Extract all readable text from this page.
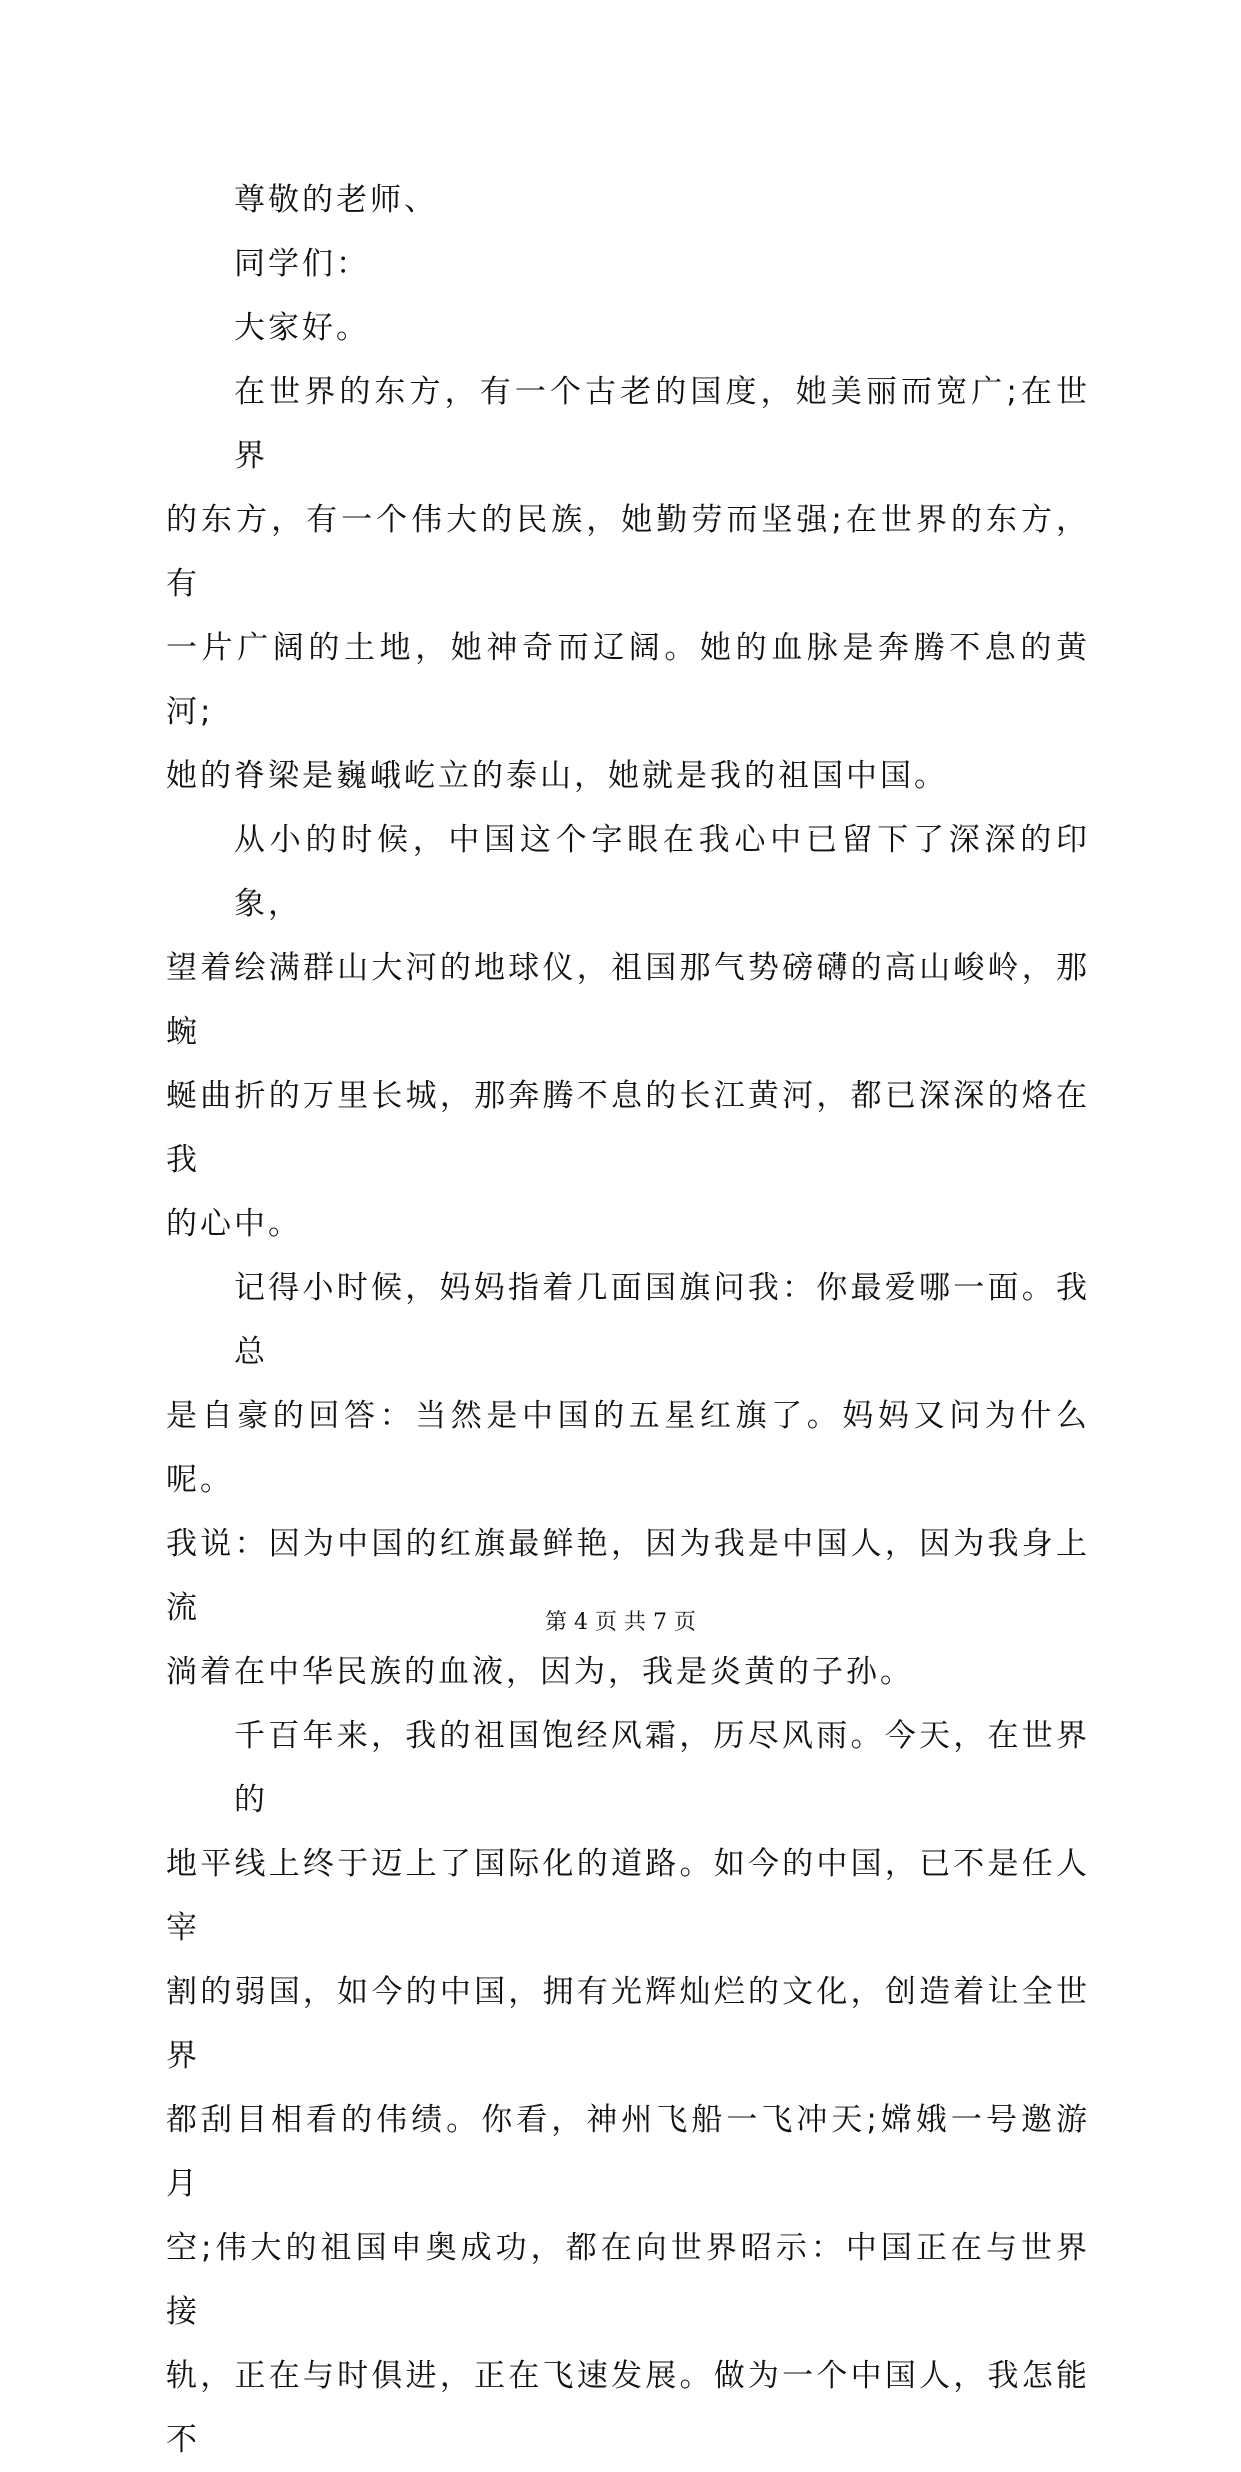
尊敬的老师、

同学们：

大家好。

在世界的东方，有一个古老的国度，她美丽而宽广;在世界
的东方，有一个伟大的民族，她勤劳而坚强;在世界的东方，有
一片广阔的土地，她神奇而辽阔。她的血脉是奔腾不息的黄河;
她的脊梁是巍峨屹立的泰山，她就是我的祖国中国。

从小的时候，中国这个字眼在我心中已留下了深深的印象，
望着绘满群山大河的地球仪，祖国那气势磅礴的高山峻岭，那蜿
蜒曲折的万里长城，那奔腾不息的长江黄河，都已深深的烙在我
的心中。

记得小时候，妈妈指着几面国旗问我：你最爱哪一面。我总
是自豪的回答：当然是中国的五星红旗了。妈妈又问为什么呢。
我说：因为中国的红旗最鲜艳，因为我是中国人，因为我身上流
淌着在中华民族的血液，因为，我是炎黄的子孙。

千百年来，我的祖国饱经风霜，历尽风雨。今天，在世界的
地平线上终于迈上了国际化的道路。如今的中国，已不是任人宰
割的弱国，如今的中国，拥有光辉灿烂的文化，创造着让全世界
都刮目相看的伟绩。你看，神州飞船一飞冲天;嫦娥一号邀游月
空;伟大的祖国申奥成功，都在向世界昭示：中国正在与世界接
轨，正在与时俱进，正在飞速发展。做为一个中国人，我怎能不

第 4 页 共 7 页
